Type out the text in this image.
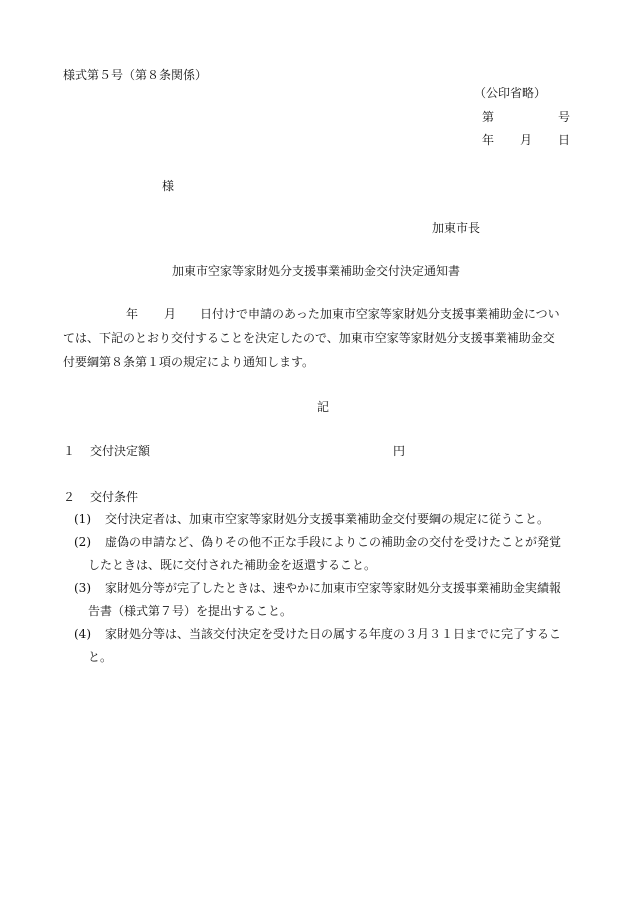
様式第５号（第８条関係）
（公印省略）
第	号
年 月 日
様
加東市長
加東市空家等家財処分支援事業補助金交付決定通知書
年 月 日付けで申請のあった加東市空家等家財処分支援事業補助金につい
ては、下記のとおり交付することを決定したので、加東市空家等家財処分支援事業補助金交
付要綱第８条第１項の規定により通知します。
記
１ 交付決定額	円
２ 交付条件
(1) 交付決定者は、加東市空家等家財処分支援事業補助金交付要綱の規定に従うこと。
(2) 虚偽の申請など、偽りその他不正な手段によりこの補助金の交付を受けたことが発覚
したときは、既に交付された補助金を返還すること。
(3) 家財処分等が完了したときは、速やかに加東市空家等家財処分支援事業補助金実績報
告書（様式第７号）を提出すること。
(4) 家財処分等は、当該交付決定を受けた日の属する年度の３月３１日までに完了するこ
と。
